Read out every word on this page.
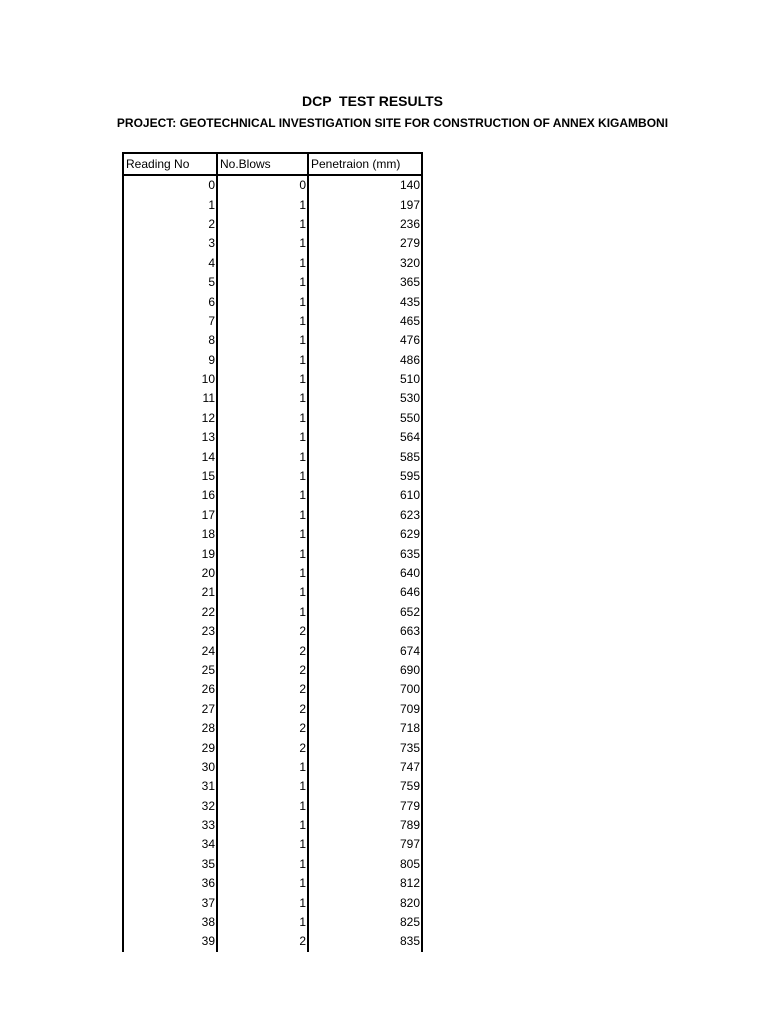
DCP  TEST RESULTS
PROJECT: GEOTECHNICAL INVESTIGATION SITE FOR CONSTRUCTION OF ANNEX KIGAMBONI
Reading No	No.Blows	Penetraion (mm)
0	0	140
1	1	197
2	1	236
3	1	279
4	1	320
5	1	365
6	1	435
7	1	465
8	1	476
9	1	486
10	1	510
11	1	530
12	1	550
13	1	564
14	1	585
15	1	595
16	1	610
17	1	623
18	1	629
19	1	635
20	1	640
21	1	646
22	1	652
23	2	663
24	2	674
25	2	690
26	2	700
27	2	709
28	2	718
29	2	735
30	1	747
31	1	759
32	1	779
33	1	789
34	1	797
35	1	805
36	1	812
37	1	820
38	1	825
39	2	835
